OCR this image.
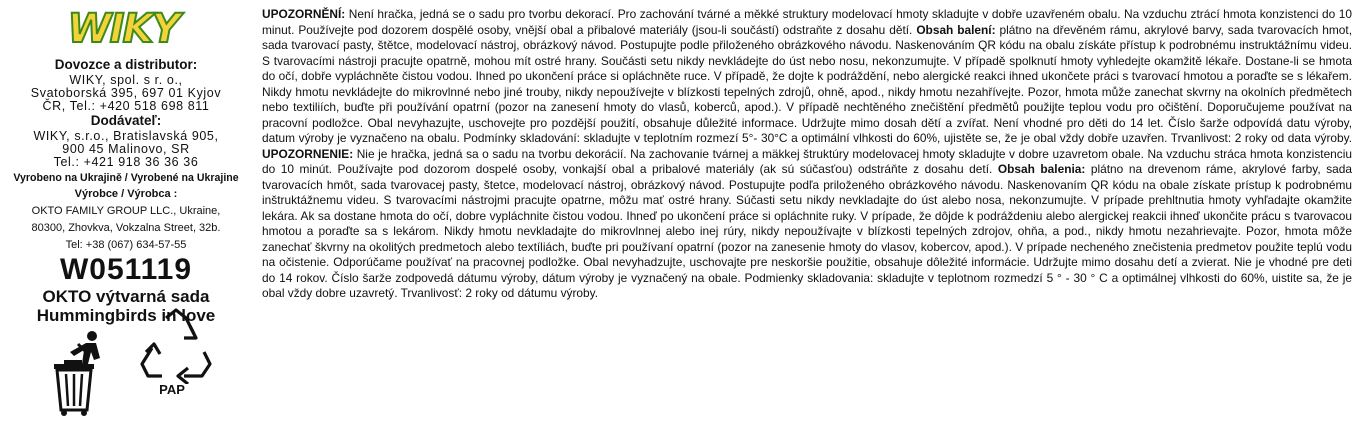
WIKY
Dovozce a distributor:
WIKY, spol. s r. o.,
Svatoborská 395, 697 01 Kyjov
ČR, Tel.: +420 518 698 811
Dodávateľ:
WIKY, s.r.o., Bratislavská 905,
900 45 Malinovo, SR
Tel.: +421 918 36 36 36
Vyrobeno na Ukrajině / Vyrobené na Ukrajine
Výrobce / Výrobca :
OKTO FAMILY GROUP LLC., Ukraine,
80300, Zhovkva, Vokzalna Street, 32b.
Tel: +38 (067) 634-57-55
W051119
OKTO výtvarná sada
Hummingbirds in love
PAP
UPOZORNĚNÍ: Není hračka, jedná se o sadu pro tvorbu dekorací. Pro zachování tvárné a měkké struktury modelovací hmoty skladujte v dobře uzavřeném obalu. Na vzduchu ztrácí hmota konzistenci do 10 minut. Používejte pod dozorem dospělé osoby, vnější obal a přibalové materiály (jsou-li součástí) odstraňte z dosahu dětí. Obsah balení: plátno na dřevěném rámu, akrylové barvy, sada tvarovacích hmot, sada tvarovací pasty, štětce, modelovací nástroj, obrázkový návod. Postupujte podle přiloženého obrázkového návodu. Naskenováním QR kódu na obalu získáte přístup k podrobnému instruktážnímu videu. S tvarovacími nástroji pracujte opatrně, mohou mít ostré hrany. Součásti setu nikdy nevkládejte do úst nebo nosu, nekonzumujte. V případě spolknutí hmoty vyhledejte okamžitě lékaře. Dostane-li se hmota do očí, dobře vypláchněte čistou vodou. Ihned po ukončení práce si opláchněte ruce. V případě, že dojte k podráždění, nebo alergické reakci ihned ukončete práci s tvarovací hmotou a poraďte se s lékařem. Nikdy hmotu nevkládejte do mikrovlnné nebo jiné trouby, nikdy nepoužívejte v blízkosti tepelných zdrojů, ohně, apod., nikdy hmotu nezahřívejte. Pozor, hmota může zanechat skvrny na okolních předmětech nebo textiliích, buďte při používání opatrní (pozor na zanesení hmoty do vlasů, koberců, apod.). V případě nechtěného znečištění předmětů použijte teplou vodu pro očištění. Doporučujeme používat na pracovní podložce. Obal nevyhazujte, uschovejte pro pozdější použití, obsahuje důležité informace. Udržujte mimo dosah dětí a zvířat. Není vhodné pro děti do 14 let. Číslo šarže odpovídá datu výroby, datum výroby je vyznačeno na obalu. Podmínky skladování: skladujte v teplotním rozmezí 5°- 30°C a optimální vlhkosti do 60%, ujistěte se, že je obal vždy dobře uzavřen. Trvanlivost: 2 roky od data výroby. UPOZORNENIE: Nie je hračka, jedná sa o sadu na tvorbu dekorácií. Na zachovanie tvárnej a mäkkej štruktúry modelovacej hmoty skladujte v dobre uzavretom obale. Na vzduchu stráca hmota konzistenciu do 10 minút. Používajte pod dozorom dospelé osoby, vonkajší obal a pribalové materiály (ak sú súčasťou) odstráňte z dosahu detí. Obsah balenia: plátno na drevenom ráme, akrylové farby, sada tvarovacích hmôt, sada tvarovacej pasty, štetce, modelovací nástroj, obrázkový návod. Postupujte podľa priloženého obrázkového návodu. Naskenovaním QR kódu na obale získate prístup k podrobnému inštruktážnemu videu. S tvarovacími nástrojmi pracujte opatrne, môžu mať ostré hrany. Súčasti setu nikdy nevkladajte do úst alebo nosa, nekonzumujte. V prípade prehltnutia hmoty vyhľadajte okamžite lekára. Ak sa dostane hmota do očí, dobre vypláchnite čistou vodou. Ihneď po ukončení práce si opláchnite ruky. V prípade, že dôjde k podráždeniu alebo alergickej reakcii ihneď ukončite prácu s tvarovacou hmotou a poraďte sa s lekárom. Nikdy hmotu nevkladajte do mikrovlnnej alebo inej rúry, nikdy nepoužívajte v blízkosti tepelných zdrojov, ohňa, a pod., nikdy hmotu nezahrievajte. Pozor, hmota môže zanechať škvrny na okolitých predmetoch alebo textíliách, buďte pri používaní opatrní (pozor na zanesenie hmoty do vlasov, kobercov, apod.). V prípade necheného znečistenia predmetov použite teplú vodu na očistenie. Odporúčame používať na pracovnej podložke. Obal nevyhadzujte, uschovajte pre neskoršie použitie, obsahuje dôležité informácie. Udržujte mimo dosahu detí a zvierat. Nie je vhodné pre deti do 14 rokov. Číslo šarže zodpovedá dátumu výroby, dátum výroby je vyznačený na obale. Podmienky skladovania: skladujte v teplotnom rozmedzí 5 ° - 30 ° C a optimálnej vlhkosti do 60%, uistite sa, že je obal vždy dobre uzavretý. Trvanlivosť: 2 roky od dátumu výroby.
